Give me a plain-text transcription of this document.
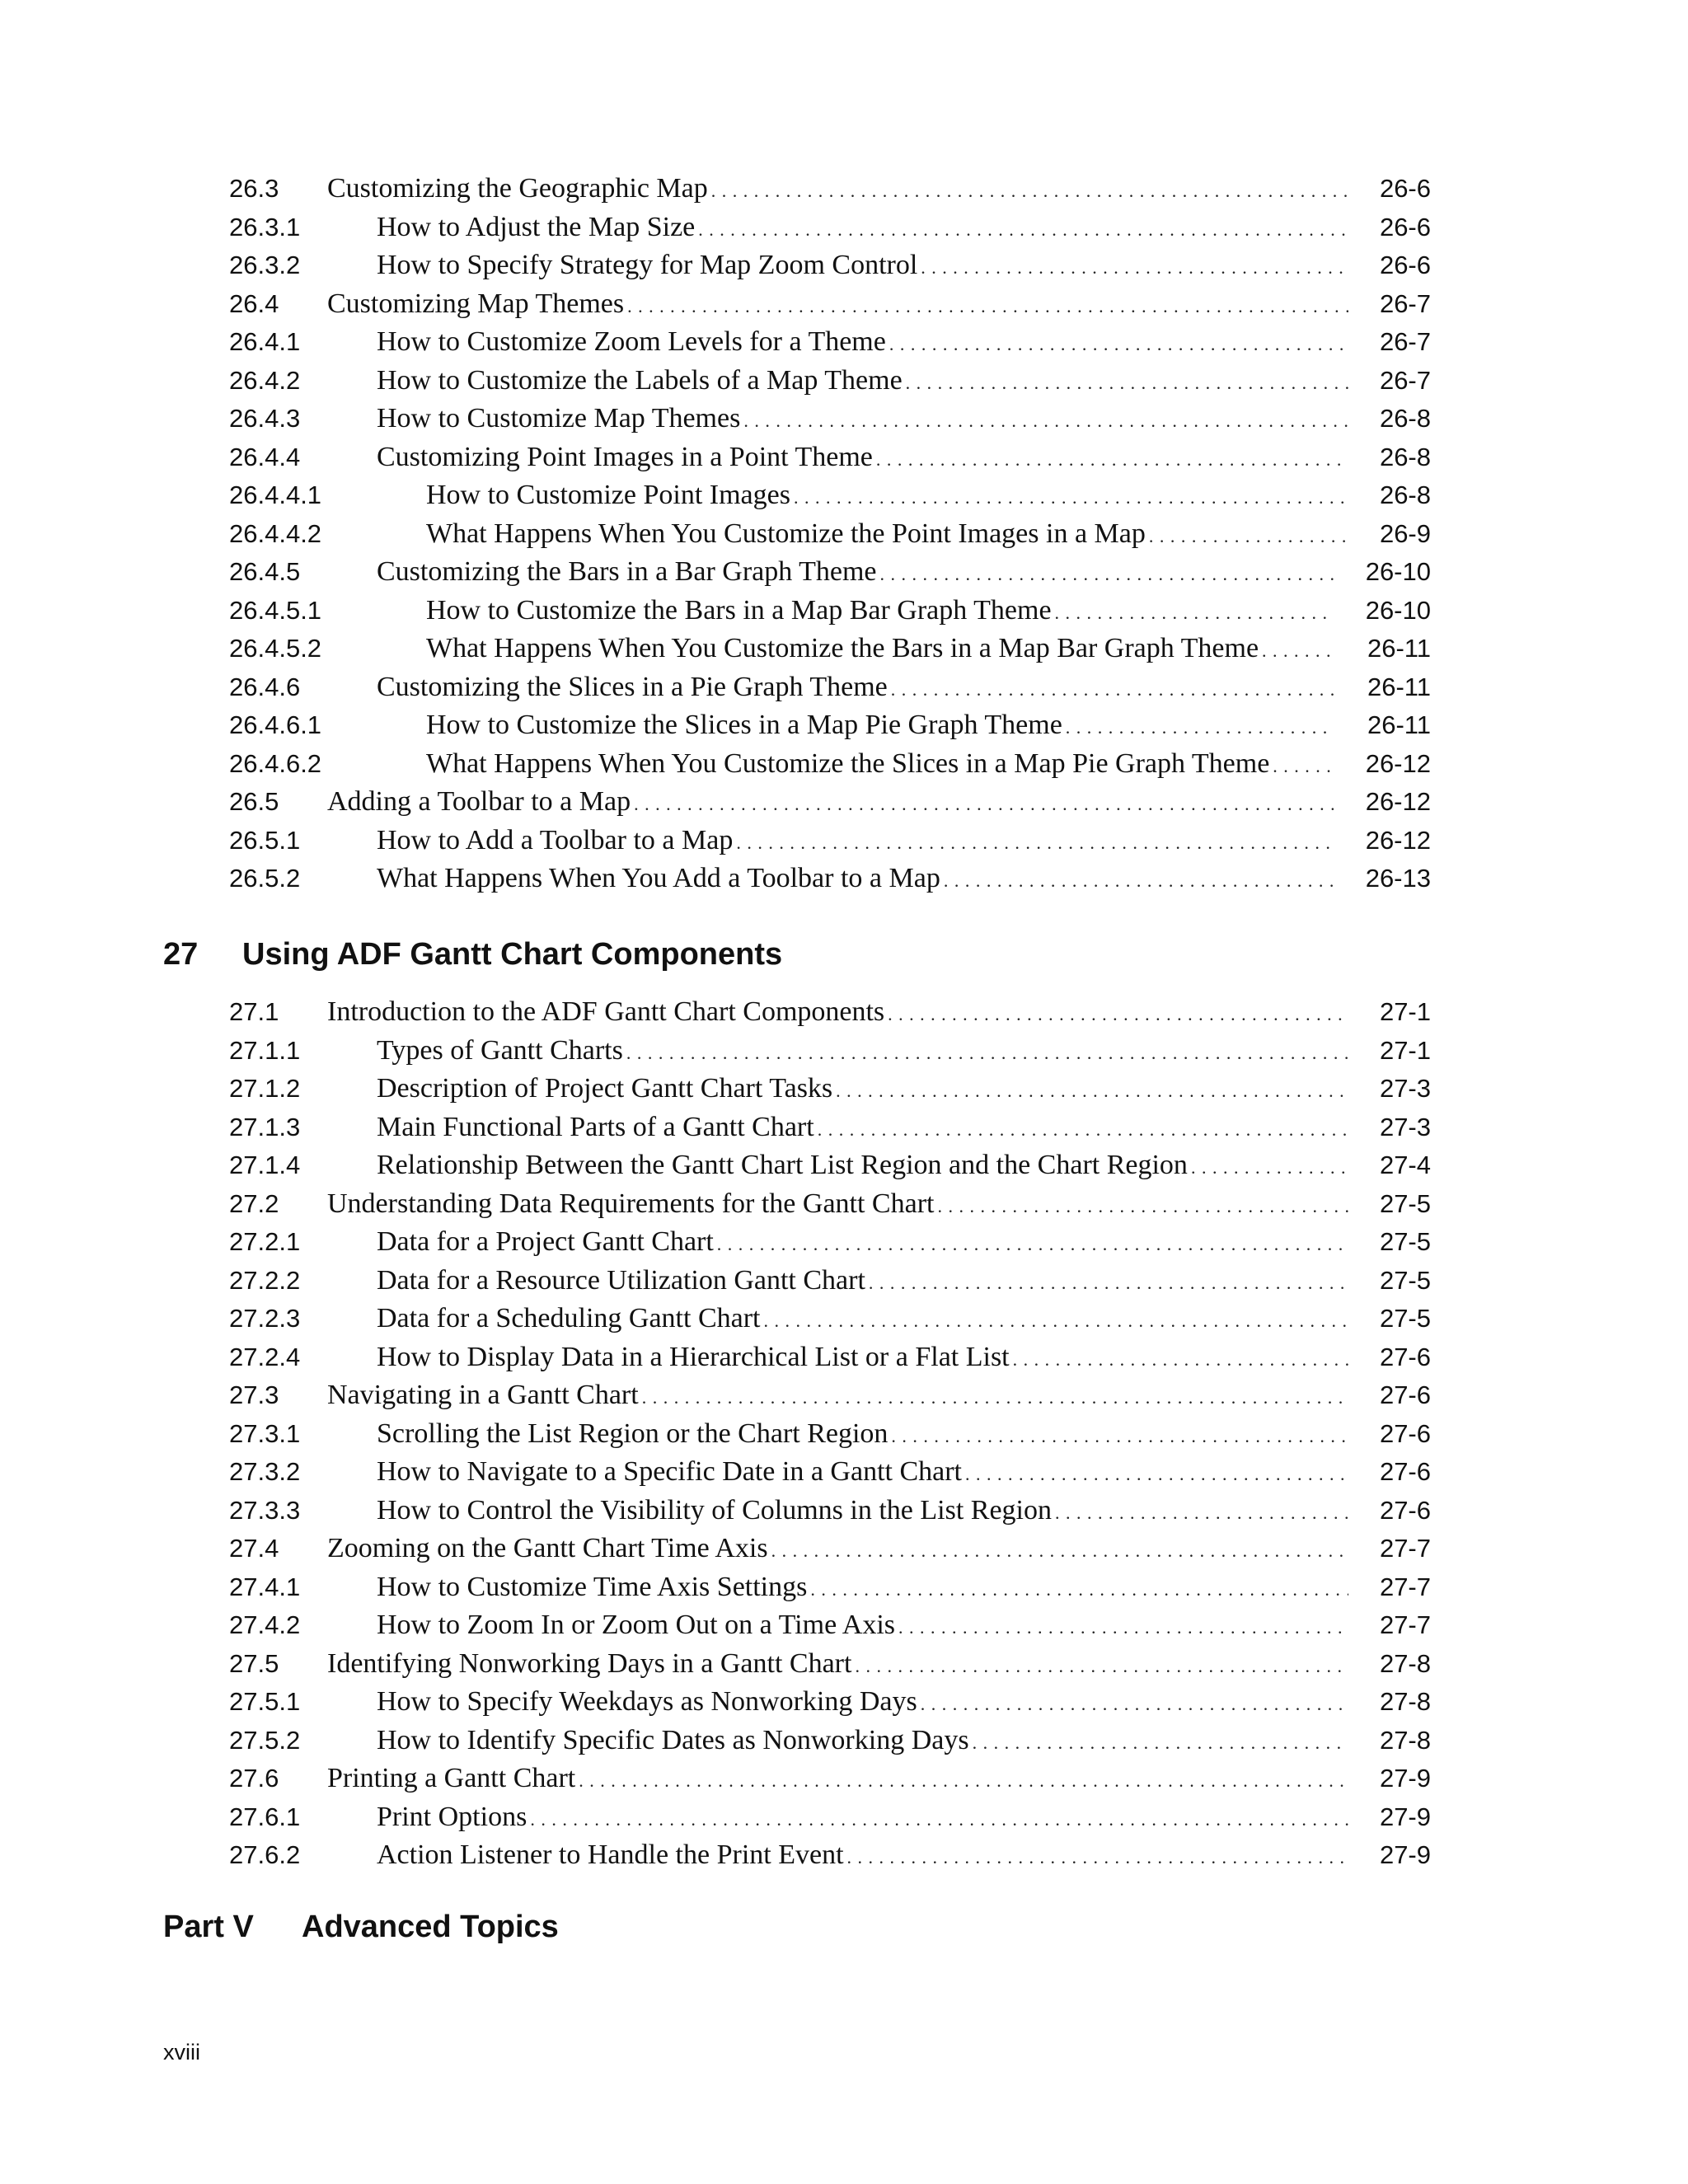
26.3 Customizing the Geographic Map . . .	26-6
26.3.1	How to Adjust the Map Size . . .	26-6
26.3.2	How to Specify Strategy for Map Zoom Control . . .	26-6
26.4 Customizing Map Themes . . .	26-7
26.4.1	How to Customize Zoom Levels for a Theme . . .	26-7
26.4.2	How to Customize the Labels of a Map Theme . . .	26-7
26.4.3	How to Customize Map Themes . . .	26-8
26.4.4	Customizing Point Images in a Point Theme . . .	26-8
26.4.4.1	How to Customize Point Images . . .	26-8
26.4.4.2	What Happens When You Customize the Point Images in a Map . . .	26-9
26.4.5	Customizing the Bars in a Bar Graph Theme . . .	26-10
26.4.5.1	How to Customize the Bars in a Map Bar Graph Theme . . .	26-10
26.4.5.2	What Happens When You Customize the Bars in a Map Bar Graph Theme . . .	26-11
26.4.6	Customizing the Slices in a Pie Graph Theme . . .	26-11
26.4.6.1	How to Customize the Slices in a Map Pie Graph Theme . . .	26-11
26.4.6.2	What Happens When You Customize the Slices in a Map Pie Graph Theme . . .	26-12
26.5 Adding a Toolbar to a Map . . .	26-12
26.5.1	How to Add a Toolbar to a Map . . .	26-12
26.5.2	What Happens When You Add a Toolbar to a Map . . .	26-13
27 Using ADF Gantt Chart Components
27.1 Introduction to the ADF Gantt Chart Components . . .	27-1
27.1.1	Types of Gantt Charts . . .	27-1
27.1.2	Description of Project Gantt Chart Tasks . . .	27-3
27.1.3	Main Functional Parts of a Gantt Chart . . .	27-3
27.1.4	Relationship Between the Gantt Chart List Region and the Chart Region . . .	27-4
27.2 Understanding Data Requirements for the Gantt Chart . . .	27-5
27.2.1	Data for a Project Gantt Chart . . .	27-5
27.2.2	Data for a Resource Utilization Gantt Chart . . .	27-5
27.2.3	Data for a Scheduling Gantt Chart . . .	27-5
27.2.4	How to Display Data in a Hierarchical List or a Flat List . . .	27-6
27.3 Navigating in a Gantt Chart . . .	27-6
27.3.1	Scrolling the List Region or the Chart Region . . .	27-6
27.3.2	How to Navigate to a Specific Date in a Gantt Chart . . .	27-6
27.3.3	How to Control the Visibility of Columns in the List Region . . .	27-6
27.4 Zooming on the Gantt Chart Time Axis . . .	27-7
27.4.1	How to Customize Time Axis Settings . . .	27-7
27.4.2	How to Zoom In or Zoom Out on a Time Axis . . .	27-7
27.5 Identifying Nonworking Days in a Gantt Chart . . .	27-8
27.5.1	How to Specify Weekdays as Nonworking Days . . .	27-8
27.5.2	How to Identify Specific Dates as Nonworking Days . . .	27-8
27.6 Printing a Gantt Chart . . .	27-9
27.6.1	Print Options . . .	27-9
27.6.2	Action Listener to Handle the Print Event . . .	27-9
Part V Advanced Topics
xviii
